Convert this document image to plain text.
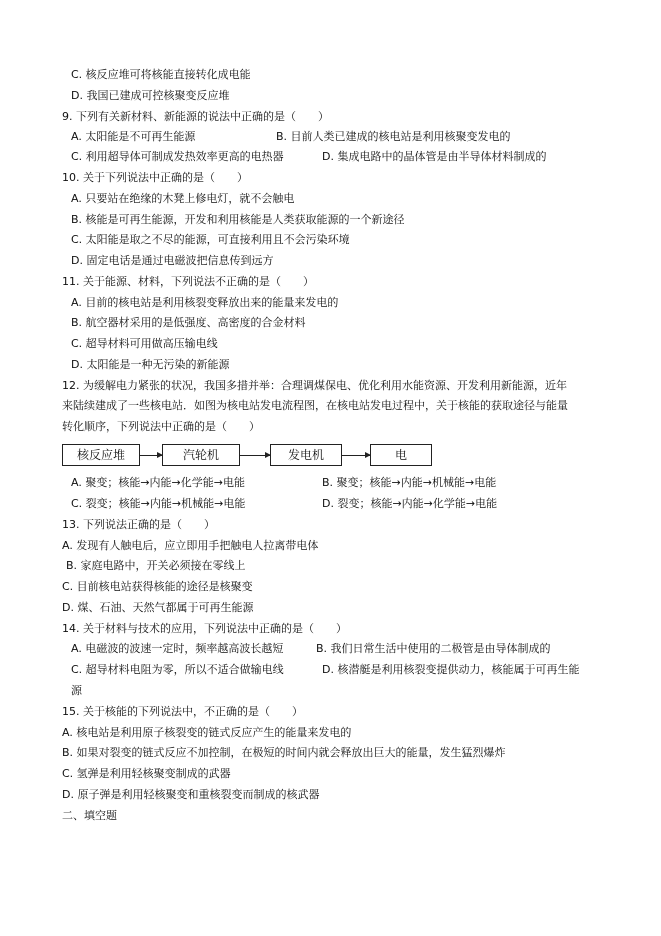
C. 核反应堆可将核能直接转化成电能
D. 我国已建成可控核聚变反应堆
9. 下列有关新材料、新能源的说法中正确的是（　　）
A. 太阳能是不可再生能源	B. 目前人类已建成的核电站是利用核聚变发电的
C. 利用超导体可制成发热效率更高的电热器	D. 集成电路中的晶体管是由半导体材料制成的
10. 关于下列说法中正确的是（　　）
A. 只要站在绝缘的木凳上修电灯，就不会触电
B. 核能是可再生能源，开发和利用核能是人类获取能源的一个新途径
C. 太阳能是取之不尽的能源，可直接利用且不会污染环境
D. 固定电话是通过电磁波把信息传到远方
11. 关于能源、材料，下列说法不正确的是（　　）
A. 目前的核电站是利用核裂变释放出来的能量来发电的
B. 航空器材采用的是低强度、高密度的合金材料
C. 超导材料可用做高压输电线
D. 太阳能是一种无污染的新能源
12. 为缓解电力紧张的状况，我国多措并举：合理调煤保电、优化利用水能资源、开发利用新能源，近年
来陆续建成了一些核电站．如图为核电站发电流程图，在核电站发电过程中，关于核能的获取途径与能量
转化顺序，下列说法中正确的是（　　）
核反应堆	汽轮机	发电机	电
A. 聚变；核能→内能→化学能→电能	B. 聚变；核能→内能→机械能→电能
C. 裂变；核能→内能→机械能→电能	D. 裂变；核能→内能→化学能→电能
13. 下列说法正确的是（　　）
A. 发现有人触电后，应立即用手把触电人拉离带电体
B. 家庭电路中，开关必须接在零线上
C. 目前核电站获得核能的途径是核聚变
D. 煤、石油、天然气都属于可再生能源
14. 关于材料与技术的应用，下列说法中正确的是（　　）
A. 电磁波的波速一定时，频率越高波长越短	B. 我们日常生活中使用的二极管是由导体制成的
C. 超导材料电阻为零，所以不适合做输电线	D. 核潜艇是利用核裂变提供动力，核能属于可再生能
源
15. 关于核能的下列说法中，不正确的是（　　）
A. 核电站是利用原子核裂变的链式反应产生的能量来发电的
B. 如果对裂变的链式反应不加控制，在极短的时间内就会释放出巨大的能量，发生猛烈爆炸
C. 氢弹是利用轻核聚变制成的武器
D. 原子弹是利用轻核聚变和重核裂变而制成的核武器
二、填空题
